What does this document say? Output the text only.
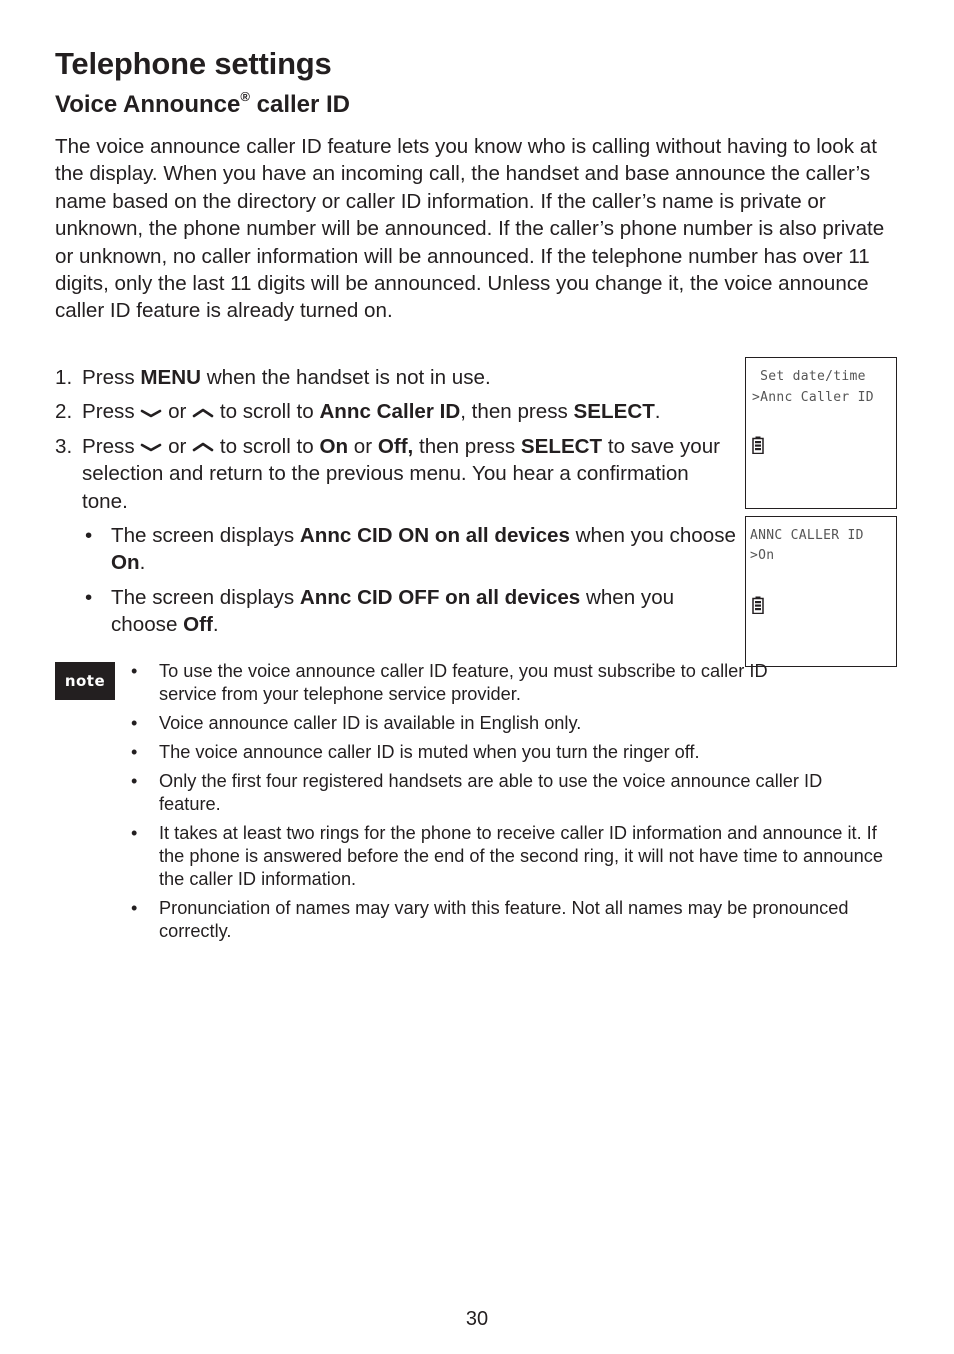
Telephone settings
Voice Announce® caller ID

The voice announce caller ID feature lets you know who is calling without having to look at the display. When you have an incoming call, the handset and base announce the caller’s name based on the directory or caller ID information. If the caller’s name is private or unknown, the phone number will be announced. If the caller’s phone number is also private or unknown, no caller information will be announced. If the telephone number has over 11 digits, only the last 11 digits will be announced. Unless you change it, the voice announce caller ID feature is already turned on.

1. Press MENU when the handset is not in use.
2. Press  or  to scroll to Annc Caller ID, then press SELECT.
3. Press  or  to scroll to On or Off, then press SELECT to save your selection and return to the previous menu. You hear a confirmation tone.
• The screen displays Annc CID ON on all devices when you choose On.
• The screen displays Annc CID OFF on all devices when you choose Off.
Set date/time
>Annc Caller ID
ANNC CALLER ID
>On
note	• To use the voice announce caller ID feature, you must subscribe to caller ID service from your telephone service provider.
• Voice announce caller ID is available in English only.
• The voice announce caller ID is muted when you turn the ringer off.
• Only the first four registered handsets are able to use the voice announce caller ID feature.
• It takes at least two rings for the phone to receive caller ID information and announce it. If the phone is answered before the end of the second ring, it will not have time to announce the caller ID information.
• Pronunciation of names may vary with this feature. Not all names may be pronounced correctly.
30
